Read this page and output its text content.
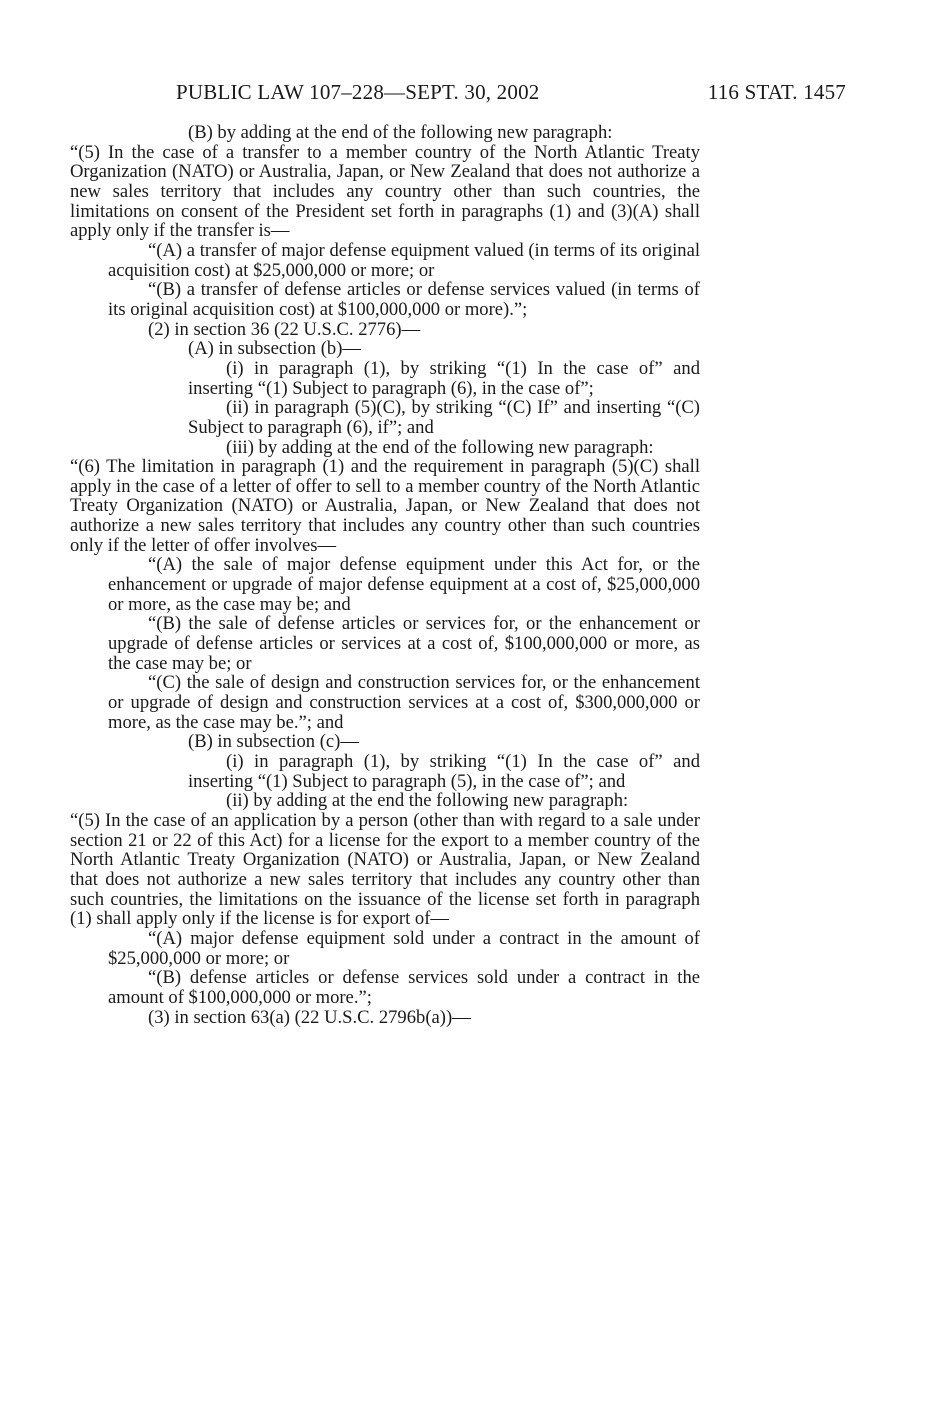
PUBLIC LAW 107–228—SEPT. 30, 2002	116 STAT. 1457

(B) by adding at the end of the following new paragraph:

“(5) In the case of a transfer to a member country of the North Atlantic Treaty Organization (NATO) or Australia, Japan, or New Zealand that does not authorize a new sales territory that includes any country other than such countries, the limitations on consent of the President set forth in paragraphs (1) and (3)(A) shall apply only if the transfer is—

“(A) a transfer of major defense equipment valued (in terms of its original acquisition cost) at $25,000,000 or more; or

“(B) a transfer of defense articles or defense services valued (in terms of its original acquisition cost) at $100,000,000 or more).”;

(2) in section 36 (22 U.S.C. 2776)—

(A) in subsection (b)—

(i) in paragraph (1), by striking “(1) In the case of” and inserting “(1) Subject to paragraph (6), in the case of”;

(ii) in paragraph (5)(C), by striking “(C) If” and inserting “(C) Subject to paragraph (6), if”; and

(iii) by adding at the end of the following new paragraph:

“(6) The limitation in paragraph (1) and the requirement in paragraph (5)(C) shall apply in the case of a letter of offer to sell to a member country of the North Atlantic Treaty Organization (NATO) or Australia, Japan, or New Zealand that does not authorize a new sales territory that includes any country other than such countries only if the letter of offer involves—

“(A) the sale of major defense equipment under this Act for, or the enhancement or upgrade of major defense equipment at a cost of, $25,000,000 or more, as the case may be; and

“(B) the sale of defense articles or services for, or the enhancement or upgrade of defense articles or services at a cost of, $100,000,000 or more, as the case may be; or

“(C) the sale of design and construction services for, or the enhancement or upgrade of design and construction services at a cost of, $300,000,000 or more, as the case may be.”; and

(B) in subsection (c)—

(i) in paragraph (1), by striking “(1) In the case of” and inserting “(1) Subject to paragraph (5), in the case of”; and

(ii) by adding at the end the following new paragraph:

“(5) In the case of an application by a person (other than with regard to a sale under section 21 or 22 of this Act) for a license for the export to a member country of the North Atlantic Treaty Organization (NATO) or Australia, Japan, or New Zealand that does not authorize a new sales territory that includes any country other than such countries, the limitations on the issuance of the license set forth in paragraph (1) shall apply only if the license is for export of—

“(A) major defense equipment sold under a contract in the amount of $25,000,000 or more; or

“(B) defense articles or defense services sold under a contract in the amount of $100,000,000 or more.”;

(3) in section 63(a) (22 U.S.C. 2796b(a))—
